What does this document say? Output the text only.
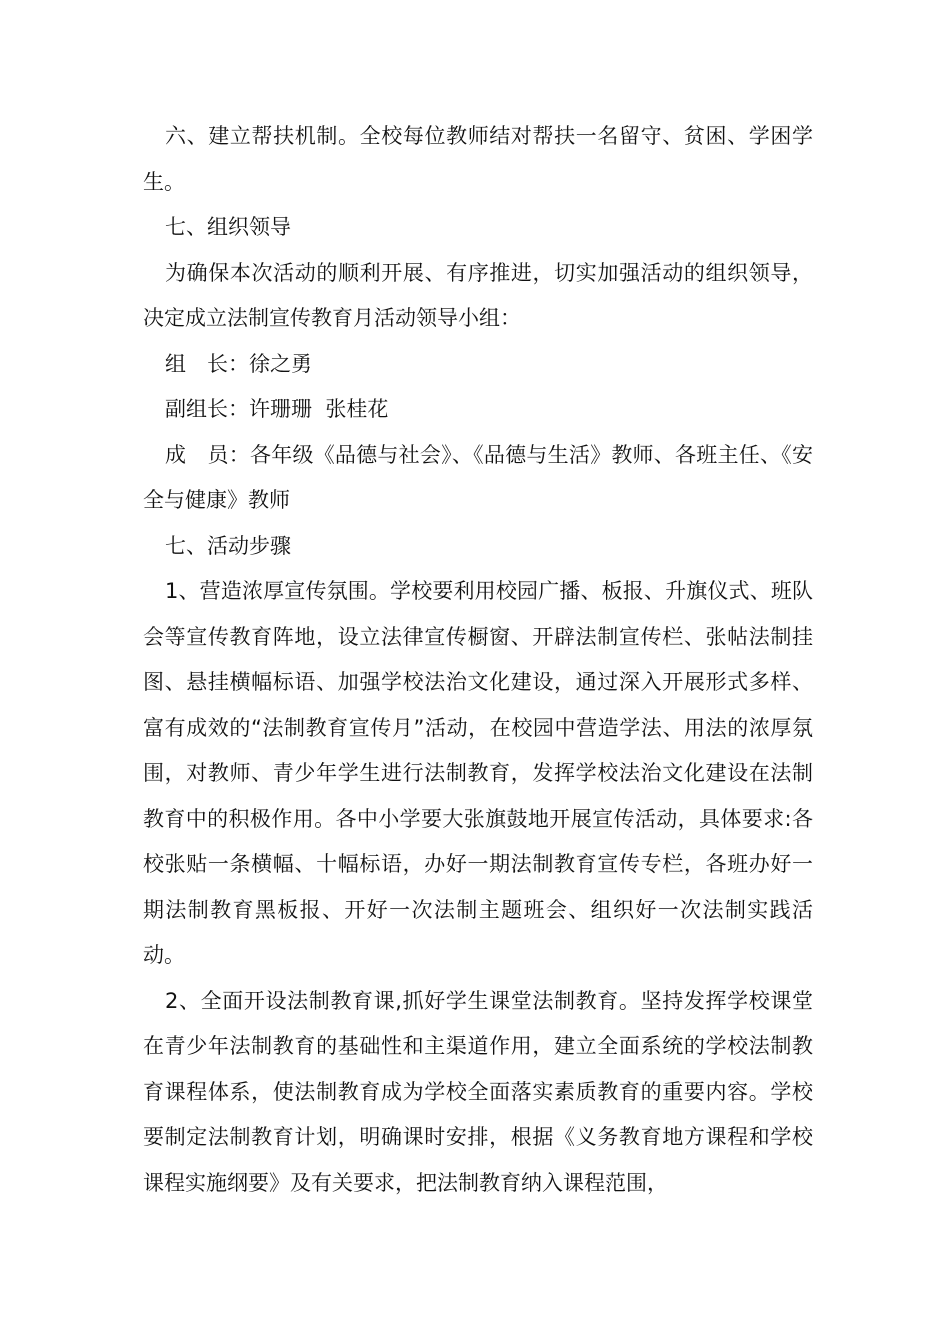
六、建立帮扶机制。全校每位教师结对帮扶一名留守、贫困、学困学生。

七、组织领导

为确保本次活动的顺利开展、有序推进，切实加强活动的组织领导，决定成立法制宣传教育月活动领导小组：

组　长：徐之勇

副组长：许珊珊  张桂花

成　员：各年级《品德与社会》、《品德与生活》教师、各班主任、《安全与健康》教师

七、活动步骤

1、营造浓厚宣传氛围。学校要利用校园广播、板报、升旗仪式、班队会等宣传教育阵地，设立法律宣传橱窗、开辟法制宣传栏、张帖法制挂图、悬挂横幅标语、加强学校法治文化建设，通过深入开展形式多样、富有成效的“法制教育宣传月”活动，在校园中营造学法、用法的浓厚氛围，对教师、青少年学生进行法制教育，发挥学校法治文化建设在法制教育中的积极作用。各中小学要大张旗鼓地开展宣传活动，具体要求:各校张贴一条横幅、十幅标语，办好一期法制教育宣传专栏，各班办好一期法制教育黑板报、开好一次法制主题班会、组织好一次法制实践活动。

2、全面开设法制教育课,抓好学生课堂法制教育。坚持发挥学校课堂在青少年法制教育的基础性和主渠道作用，建立全面系统的学校法制教育课程体系，使法制教育成为学校全面落实素质教育的重要内容。学校要制定法制教育计划，明确课时安排，根据《义务教育地方课程和学校课程实施纲要》及有关要求，把法制教育纳入课程范围，
